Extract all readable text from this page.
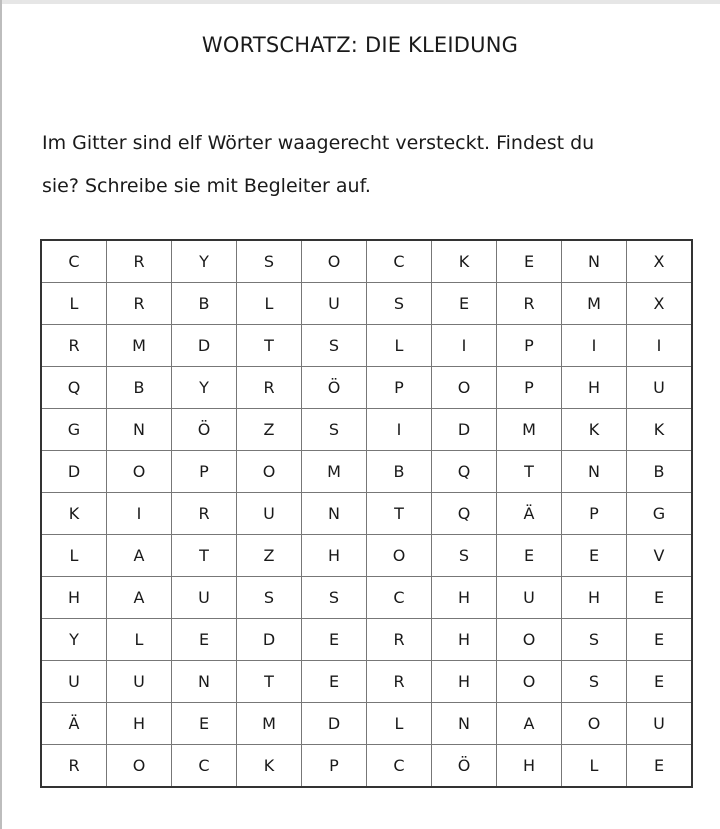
WORTSCHATZ: DIE KLEIDUNG

Im Gitter sind elf Wörter waagerecht versteckt. Findest du
sie? Schreibe sie mit Begleiter auf.

C	R	Y	S	O	C	K	E	N	X
L	R	B	L	U	S	E	R	M	X
R	M	D	T	S	L	I	P	I	I
Q	B	Y	R	Ö	P	O	P	H	U
G	N	Ö	Z	S	I	D	M	K	K
D	O	P	O	M	B	Q	T	N	B
K	I	R	U	N	T	Q	Ä	P	G
L	A	T	Z	H	O	S	E	E	V
H	A	U	S	S	C	H	U	H	E
Y	L	E	D	E	R	H	O	S	E
U	U	N	T	E	R	H	O	S	E
Ä	H	E	M	D	L	N	A	O	U
R	O	C	K	P	C	Ö	H	L	E
